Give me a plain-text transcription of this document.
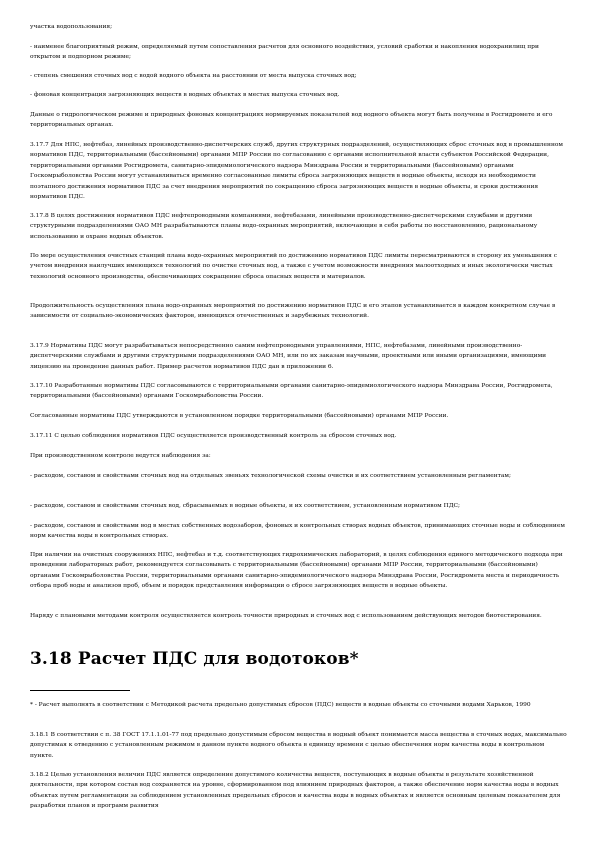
участка водопользования;

- наименее благоприятный режим, определяемый путем сопоставления расчетов для основного воздействия, условий сработки и накопления водохранилищ при открытом и подпорном режиме;

- степень смешения сточных вод с водой водного объекта на расстоянии от места выпуска сточных вод;

- фоновая концентрация загрязняющих веществ в водных объектах в местах выпуска сточных вод.

Данные о гидрологическом режиме и природных фоновых концентрациях нормируемых показателей вод водного объекта могут быть получены в Росгидромете и его территориальных органах.

3.17.7 Для НПС, нефтебаз, линейных производственно-диспетчерских служб, других структурных подразделений, осуществляющих сброс сточных вод в промышленном нормативов ПДС, территориальными (бассейновыми) органами МПР России по согласованию с органами исполнительной власти субъектов Российской Федерации, территориальными органами Росгидромета, санитарно-эпидемиологического надзора Минздрава России и территориальными (бассейновыми) органами Госкомрыболовства России могут устанавливаться временно согласованные лимиты сброса загрязняющих веществ в водные объекты, исходя из необходимости поэтапного достижения нормативов ПДС за счет внедрения мероприятий по сокращению сброса загрязняющих веществ в водные объекты, и сроки достижения нормативов ПДС.

3.17.8 В целях достижения нормативов ПДС нефтепроводными компаниями, нефтебазами, линейными производственно-диспетчерскими службами и другими структурными подразделениями ОАО МН разрабатываются планы водо-охранных мероприятий, включающие в себя работы по восстановлению, рациональному использованию и охране водных объектов.

По мере осуществления очистных станций плана водо-охранных мероприятий по достижению нормативов ПДС лимиты пересматриваются в сторону их уменьшения с учетом внедрения наилучших имеющихся технологий по очистке сточных вод, а также с учетом возможности внедрения малоотходных и иных экологически чистых технологий основного производства, обеспечивающих сокращение сброса опасных веществ и материалов.

Продолжительность осуществления плана водо-охранных мероприятий по достижению нормативов ПДС и его этапов устанавливается в каждом конкретном случае в зависимости от социально-экономических факторов, имеющихся отечественных и зарубежных технологий.

3.17.9 Нормативы ПДС могут разрабатываться непосредственно самим нефтепроводными управлениями, НПС, нефтебазами, линейными производственно-диспетчерскими службами и другими структурными подразделениями ОАО МН, или по их заказам научными, проектными или иными организациями, имеющими лицензию на проведение данных работ. Пример расчетов нормативов ПДС дан в приложении 6.

3.17.10 Разработанные нормативы ПДС согласовываются с территориальными органами санитарно-эпидемиологического надзора Минздрава России, Росгидромета, территориальными (бассейновыми) органами Госкомрыболовства России.

Согласованные нормативы ПДС утверждаются в установленном порядке территориальными (бассейновыми) органами МПР России.

3.17.11 С целью соблюдения нормативов ПДС осуществляется производственный контроль за сбросом сточных вод.

При производственном контроле ведутся наблюдения за:

- расходом, составом и свойствами сточных вод на отдельных звеньях технологической схемы очистки и их соответствием установленным регламентам;

- расходом, составом и свойствами сточных вод, сбрасываемых в водные объекты, и их соответствием, установленным нормативом ПДС;

- расходом, составом и свойствами вод в местах собственных водозаборов, фоновых и контрольных створах водных объектов, принимающих сточные воды и соблюдением норм качества воды в контрольных створах.

При наличии на очистных сооружениях НПС, нефтебаз и т.д. соответствующих гидрохимических лабораторий, в целях соблюдения единого методического подхода при проведении лабораторных работ, рекомендуется согласовывать с территориальными (бассейновыми) органами МПР России, территориальными (бассейновыми) органами Госкомрыболовства России, территориальными органами санитарно-эпидемиологического надзора Минздрава России, Росгидромета места и периодичность отбора проб воды и анализов проб, объем и порядок представления информации о сбросе загрязняющих веществ в водные объекты.

Наряду с плановыми методами контроля осуществляется контроль точности природных и сточных вод с использованием действующих методов биотестирования.

3.18 Расчет ПДС для водотоков*

* - Расчет выполнять в соответствии с Методикой расчета предельно допустимых сбросов (ПДС) веществ в водные объекты со сточными водами Харьков, 1990

3.18.1 В соответствии с п. 38 ГОСТ 17.1.1.01-77 под предельно допустимым сбросом вещества в водный объект понимается масса вещества в сточных водах, максимально допустимая к отведению с установленным режимом в данном пункте водного объекта в единицу времени с целью обеспечения норм качества воды в контрольном пункте.

3.18.2 Целью установления величин ПДС является определение допустимого количества веществ, поступающих в водные объекты в результате хозяйственной деятельности, при котором состав вод сохраняется на уровне, сформированном под влиянием природных факторов, а также обеспечение норм качества воды в водных объектах путем регламентации за соблюдением установленных предельных сбросов и качества воды в водных объектах и является основным целевым показателем для разработки планов и программ развития
